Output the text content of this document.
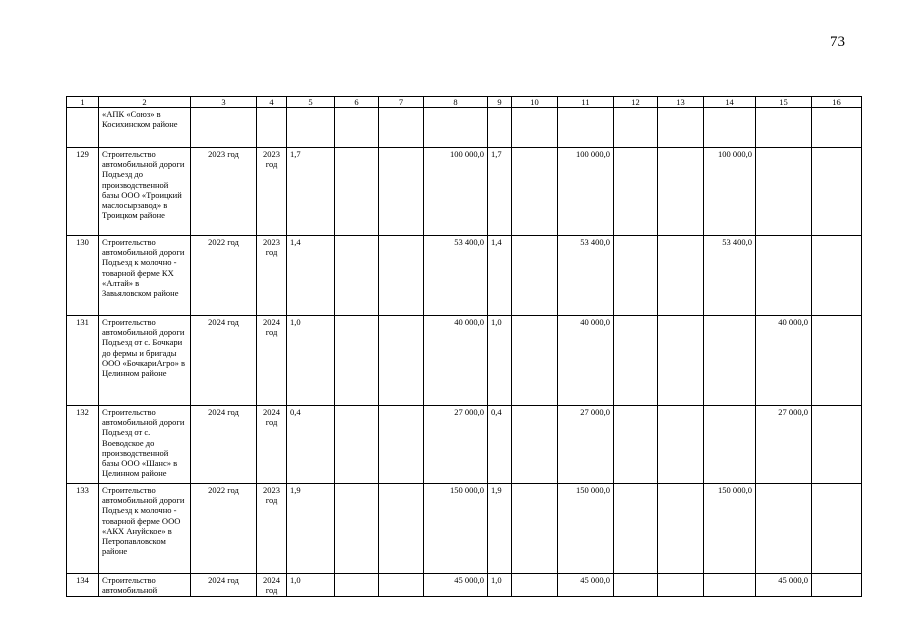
73
1	2	3	4	5	6	7	8	9	10	11	12	13	14	15	16
	«АПК «Союз» в Косихинском районе														
129	Строительство автомобильной дороги Подъезд до производственной базы ООО «Троицкий маслосырзавод» в Троицком районе	2023 год	2023 год	1,7			100 000,0	1,7		100 000,0			100 000,0		
130	Строительство автомобильной дороги Подъезд к молочно - товарной ферме КХ «Алтай» в Завьяловском районе	2022 год	2023 год	1,4			53 400,0	1,4		53 400,0			53 400,0		
131	Строительство автомобильной дороги Подъезд от с. Бочкари до фермы и бригады ООО «БочкариАгро» в Целинном районе	2024 год	2024 год	1,0			40 000,0	1,0		40 000,0				40 000,0	
132	Строительство автомобильной дороги Подъезд от с. Воеводское до производственной базы ООО «Шанс» в Целинном районе	2024 год	2024 год	0,4			27 000,0	0,4		27 000,0				27 000,0	
133	Строительство автомобильной дороги Подъезд к молочно - товарной ферме ООО «АКХ Ануйское» в Петропавловском районе	2022 год	2023 год	1,9			150 000,0	1,9		150 000,0			150 000,0		
134	Строительство автомобильной	2024 год	2024 год	1,0			45 000,0	1,0		45 000,0				45 000,0	
